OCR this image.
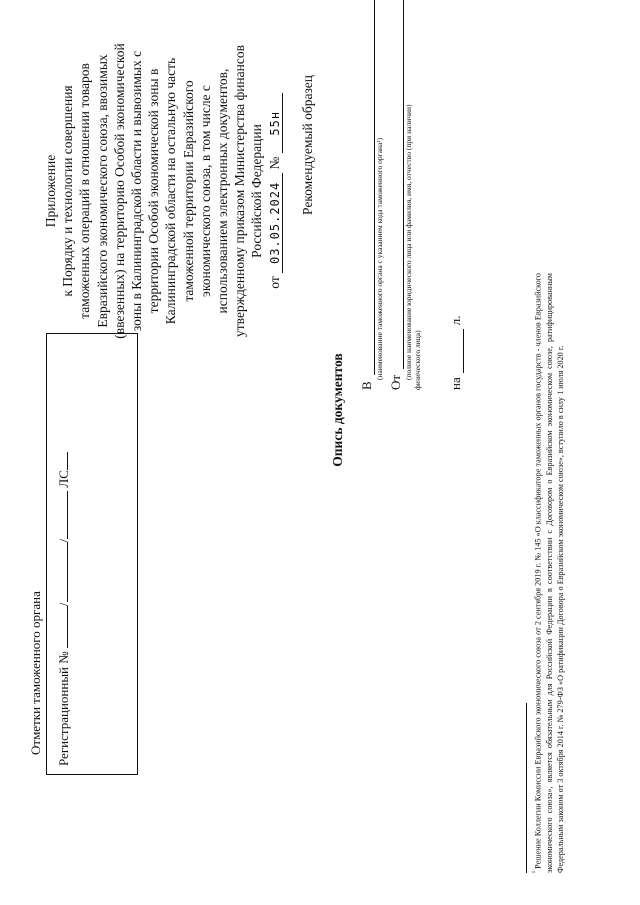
Приложение к Порядку и технологии совершения таможенных операций в отношении товаров Евразийского экономического союза, ввозимых (ввезенных) на территорию Особой экономической зоны в Калининградской области и вывозимых с территории Особой экономической зоны в Калининградской области на остальную часть таможенной территории Евразийского экономического союза, в том числе с использованием электронных документов, утвержденному приказом Министерства финансов Российской Федерации
от 03.05.2024 № 55н Рекомендуемый образец
В
(наименование таможенного органа с указанием кода таможенного органа¹)
От
(полное наименование юридического лица или фамилия, имя, отчество (при наличии) физического лица) на
л.
Опись документов
Отметки таможенного органа Регистрационный № // ЛС
$^{^1}$ Решение Коллегии Комиссии Евразийского экономического союза от 2 сентября 2019 г. № 145 «О классификаторе таможенных органов государств - членов Евразийского экономического союза», является обязательным для Российской Федерации в соответствии с Договором о Евразийском экономическом союзе, ратифицированным Федеральным законом от 3 октября 2014 г. № 279-ФЗ «О ратификации Договора о Евразийском экономическом союзе», вступило в силу 1 июля 2020 г.
